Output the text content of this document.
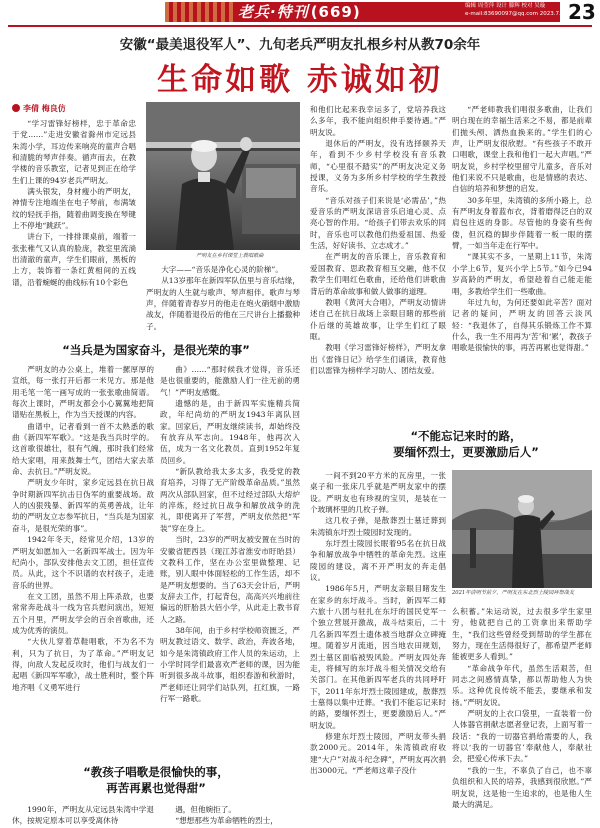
老兵·特刊 (669)	编辑 周莹萍 设计 滕辉 校对 吴璇
e-mail:83690097@qq.com 2023.7.7 23
安徽“最美退役军人”、九旬老兵严明友扎根乡村从教70余年
生命如歌 赤诚如初
李倩 梅良仿
严明友在乡村课堂上教唱歌曲

“学习雷锋好榜样，忠于革命忠于党……”走进安徽省滁州市定远县朱湾小学，耳边传来响亮的童声合唱和清脆的琴声伴奏。循声而去，在教学楼的音乐教室，记者见到正在给学生们上课的94岁老兵严明友。

满头银发，身材瘦小的严明友，神情专注地端坐在电子琴前，布满皱纹的轻抚手指，随着曲调变换在琴键上不停地“跳跃”。

讲台下，一排排课桌前，端着一张张稚气又认真的脸庞，教室里流淌出清澈的童声，学生们眼前，黑板的上方，装饰着一条红黄相间的五线谱，沿着蜿蜒的曲线标有10个彩色

大字——“音乐是净化心灵的阶梯”。

从13岁那年在新四军队伍里与音乐结缘，严明友的人生就与歌声、琴声相伴。歌声与琴声，伴随着青春岁月的他走在炮火硝烟中激励战友，伴随着退役后的他在三尺讲台上播撒种子。

“当兵是为国家奋斗，是很光荣的事”

严明友的办公桌上，堆着一摞厚厚的宣纸，每一张打开后都一米见方。那是他用毛笔一笔一画写成的一张张歌曲简谱。每次上课时，严明友都会小心翼翼地把简谱贴在黑板上，作为当天授课的内容。

曲谱中，记者看到一首不太熟悉的歌曲《新四军军歌》。“这是我当兵时学的。这首歌很雄壮，很有气魄，那时我们经常给大家唱，用来鼓舞士气，团结大家去革命、去抗日。”严明友说。

严明友少年时，家乡定远县在抗日战争时期新四军抗击日伪军的重要战场。敌人的凶狠残暴、新四军的英勇善战，让年幼的严明友立志参军抗日，“当兵是为国家奋斗，是很光荣的事”。

1942年冬天，经常见介绍，13岁的严明友如愿加入一名新四军战士。因为年纪尚小，部队安排他去文工团，担任宣传员。从此，这个不识谱的农村孩子，走进音乐的世界。

在文工团，虽然不用上阵杀敌，也要常常奔赴战斗一线为官兵慰问演出，短短五个月里，严明友学会的百余首歌曲，还成为优秀的演员。

“大伙儿穿着草鞋唱歌，不为名不为利，只为了抗日，为了革命。”严明友记得，向敌人发起反攻时，他们与战友们一起唱《新四军军歌》，战士胜利时，整个阵地齐唱《义勇军进行

曲》……“那时候我才觉得，音乐还是也很重要的，能激励人们一往无前的勇气！”严明友感慨。

遗憾的是，由于新四军实施精兵简政，年纪尚幼的严明友1943年离队回家。回家后，严明友继续读书，却始终没有放弃从军志向。1948年，他再次入伍，成为一名文化教员。直到1952年复员回乡。

“新队教给我太多太多，我受党的教育培养，习得了无产阶级革命品质。”虽然两次从部队回家，但不过经过部队大熔炉的淬炼，经过抗日战争和解放战争的洗礼，即使离开了军营，严明友依然把“军装”穿在身上。

当时，23岁的严明友被安置在当时的安徽省肥西县（现江苏省淮安市盱眙县）文教科工作，坚在办公室里做整理、记账，别人眼中体面轻松的工作生活，却不是严明友想要的。当了63天会计后，严明友辞去工作，打起背包，高高兴兴地前往偏远的肝胎县大佰小学，从此走上教书育人之路。

38年间，由于乡村学校师资匮乏，严明友教过语文、数学、政治，奔波各地，如今是朱湾镇政府工作人员的朱运动，上小学时同学们最喜欢严老师的课，因为能听到很多战斗故事，组织春游和秋游时，严老师还让同学们站队列，扛红旗，一路行军一路歌。

“教孩子唱歌是很愉快的事，
再苦再累也觉得甜”

1990年，严明友从定远县朱湾中学退休，按规定原本可以享受离休待

遇，但他婉拒了。

“想想那些为革命牺牲的烈士，

和他们比起来我幸运多了，党培养我这么多年，我不能向组织伸手要待遇。”严明友说。

退休后的严明友，没有选择颐养天年，看到不少乡村学校没有音乐教师，“心里很不踏实”的严明友决定义务授课，义务为多所乡村学校的学生教授音乐。

“音乐对孩子们来说是‘必需品’，”热爱音乐的严明友深谙音乐启迪心灵、点亮心智的作用。“给孩子们带去欢乐的同时，音乐也可以教他们热爱祖国、热爱生活，好好读书、立志成才。”

在严明友的音乐课上，音乐教育和爱国教育、思政教育相互交融，他不仅教学生们唱红色歌曲，还给他们讲歌曲背后的革命故事和做人做事的道理。

教唱《黄河大合唱》，严明友动情讲述自己在抗日战场上亲眼目睹的那些前仆后继的英雄故事，让学生们红了眼眶。

教唱《学习雷锋好榜样》，严明友拿出《雷锋日记》给学生们诵读，教育他们以雷锋为榜样学习助人、团结友爱。

“严老师教我们唱很多歌曲，让我们明白现在的幸福生活来之不易，都是前辈们抛头颅、洒热血换来的。”学生们的心声，让严明友很欣慰。“有些孩子不敢开口唱歌，课堂上我和他们一起大声唱。”严明友说，乡村学校里留守儿童多，音乐对他们来说不只是歌曲，也是情感的表达、自信的培养和梦想的启发。

30多年里，朱湾镇的多所小路上，总有严明友身着蓝布衣，背着磨得泛白的双肩包往返的身影。尽管他的身姿有些佝偻，但沉稳的脚步伴随着一板一眼的摆臂，一如当年走在行军中。

“课其实不多，一星期上11节，朱湾小学上6节，复兴小学上5节。”如今已94岁高龄的严明友，希望趁着自己能走能唱，多教给学生们一些歌曲。

年过九旬，为何还要如此辛苦？面对记者的疑问，严明友的回答云淡风轻：“我退休了，自得其乐锻炼工作不算什么，我一生不用再为‘苦’和‘累’，教孩子唱歌是很愉快的事，再苦再累也觉得甜。”

“不能忘记来时的路，
要缅怀烈士，更要激励后人”

一间不到20平方米的瓦房里，一张桌子和一张床几乎就是严明友家中的摆设。严明友也有珍视的宝贝，是装在一个玻璃杯里的几枚子弹。

这几枚子弹，是散葬烈士墓迁葬到朱湾镇东圩烈士陵园时发现的。

东圩烈士陵园长眠着95名在抗日战争和解放战争中牺牲的革命先烈。这座陵园的建设，离不开严明友的奔走倡议。

1986年5月，严明友亲眼目睹发生在家乡的东圩战斗。当时，新四军二师六旅十八团与驻扎在东圩的国民党军一个独立营展开激战，战斗结束后，二十几名新四军烈士遗体被当地群众立碑掩埋。随着岁月流逝，因当地农田规划，烈士墓区面临被毁风险。严明友四处奔走，将倾写的东圩战斗相关情况交给有关部门。在其他新四军老兵的共同呼吁下，2011年东圩烈士陵园建成，散葬烈士墓得以集中迁葬。“我们不能忘记来时的路，要缅怀烈士，更要激励后人。”严明友说。

修建东圩烈士陵园，严明友带头捐款2000元。2014年，朱湾镇政府收建“大户”对战斗纪念碑”，严明友再次捐出3000元。“严老师这辈子没什

2021年清明节前夕，严明友在东北烈士陵园拜祭战友

么积蓄。”朱运动说，过去很多学生家里穷，他就把自己的工资拿出来帮助学生，“我们这些曾经受到帮助的学生都在努力，现在生活得很好了，都希望严老师能被更多人看到。”

“革命战争年代，虽然生活艰苦，但同志之间感情真挚，都以帮助他人为快乐。这种优良传统不能丢，要继承和发扬。”严明友说。

严明友的上衣口袋里，一直装着一份人体器官捐献志愿者登记表，上面写着一段话：“我的一切器官捐给需要的人，我将以‘我的一切器官’奉献他人，奉献社会，把爱心传承下去。”

“我的一生，不辜负了自己，也不辜负组织和人民的培养，我感到很欣慰。”严明友说，这是他一生追求的，也是他人生最大的满足。
